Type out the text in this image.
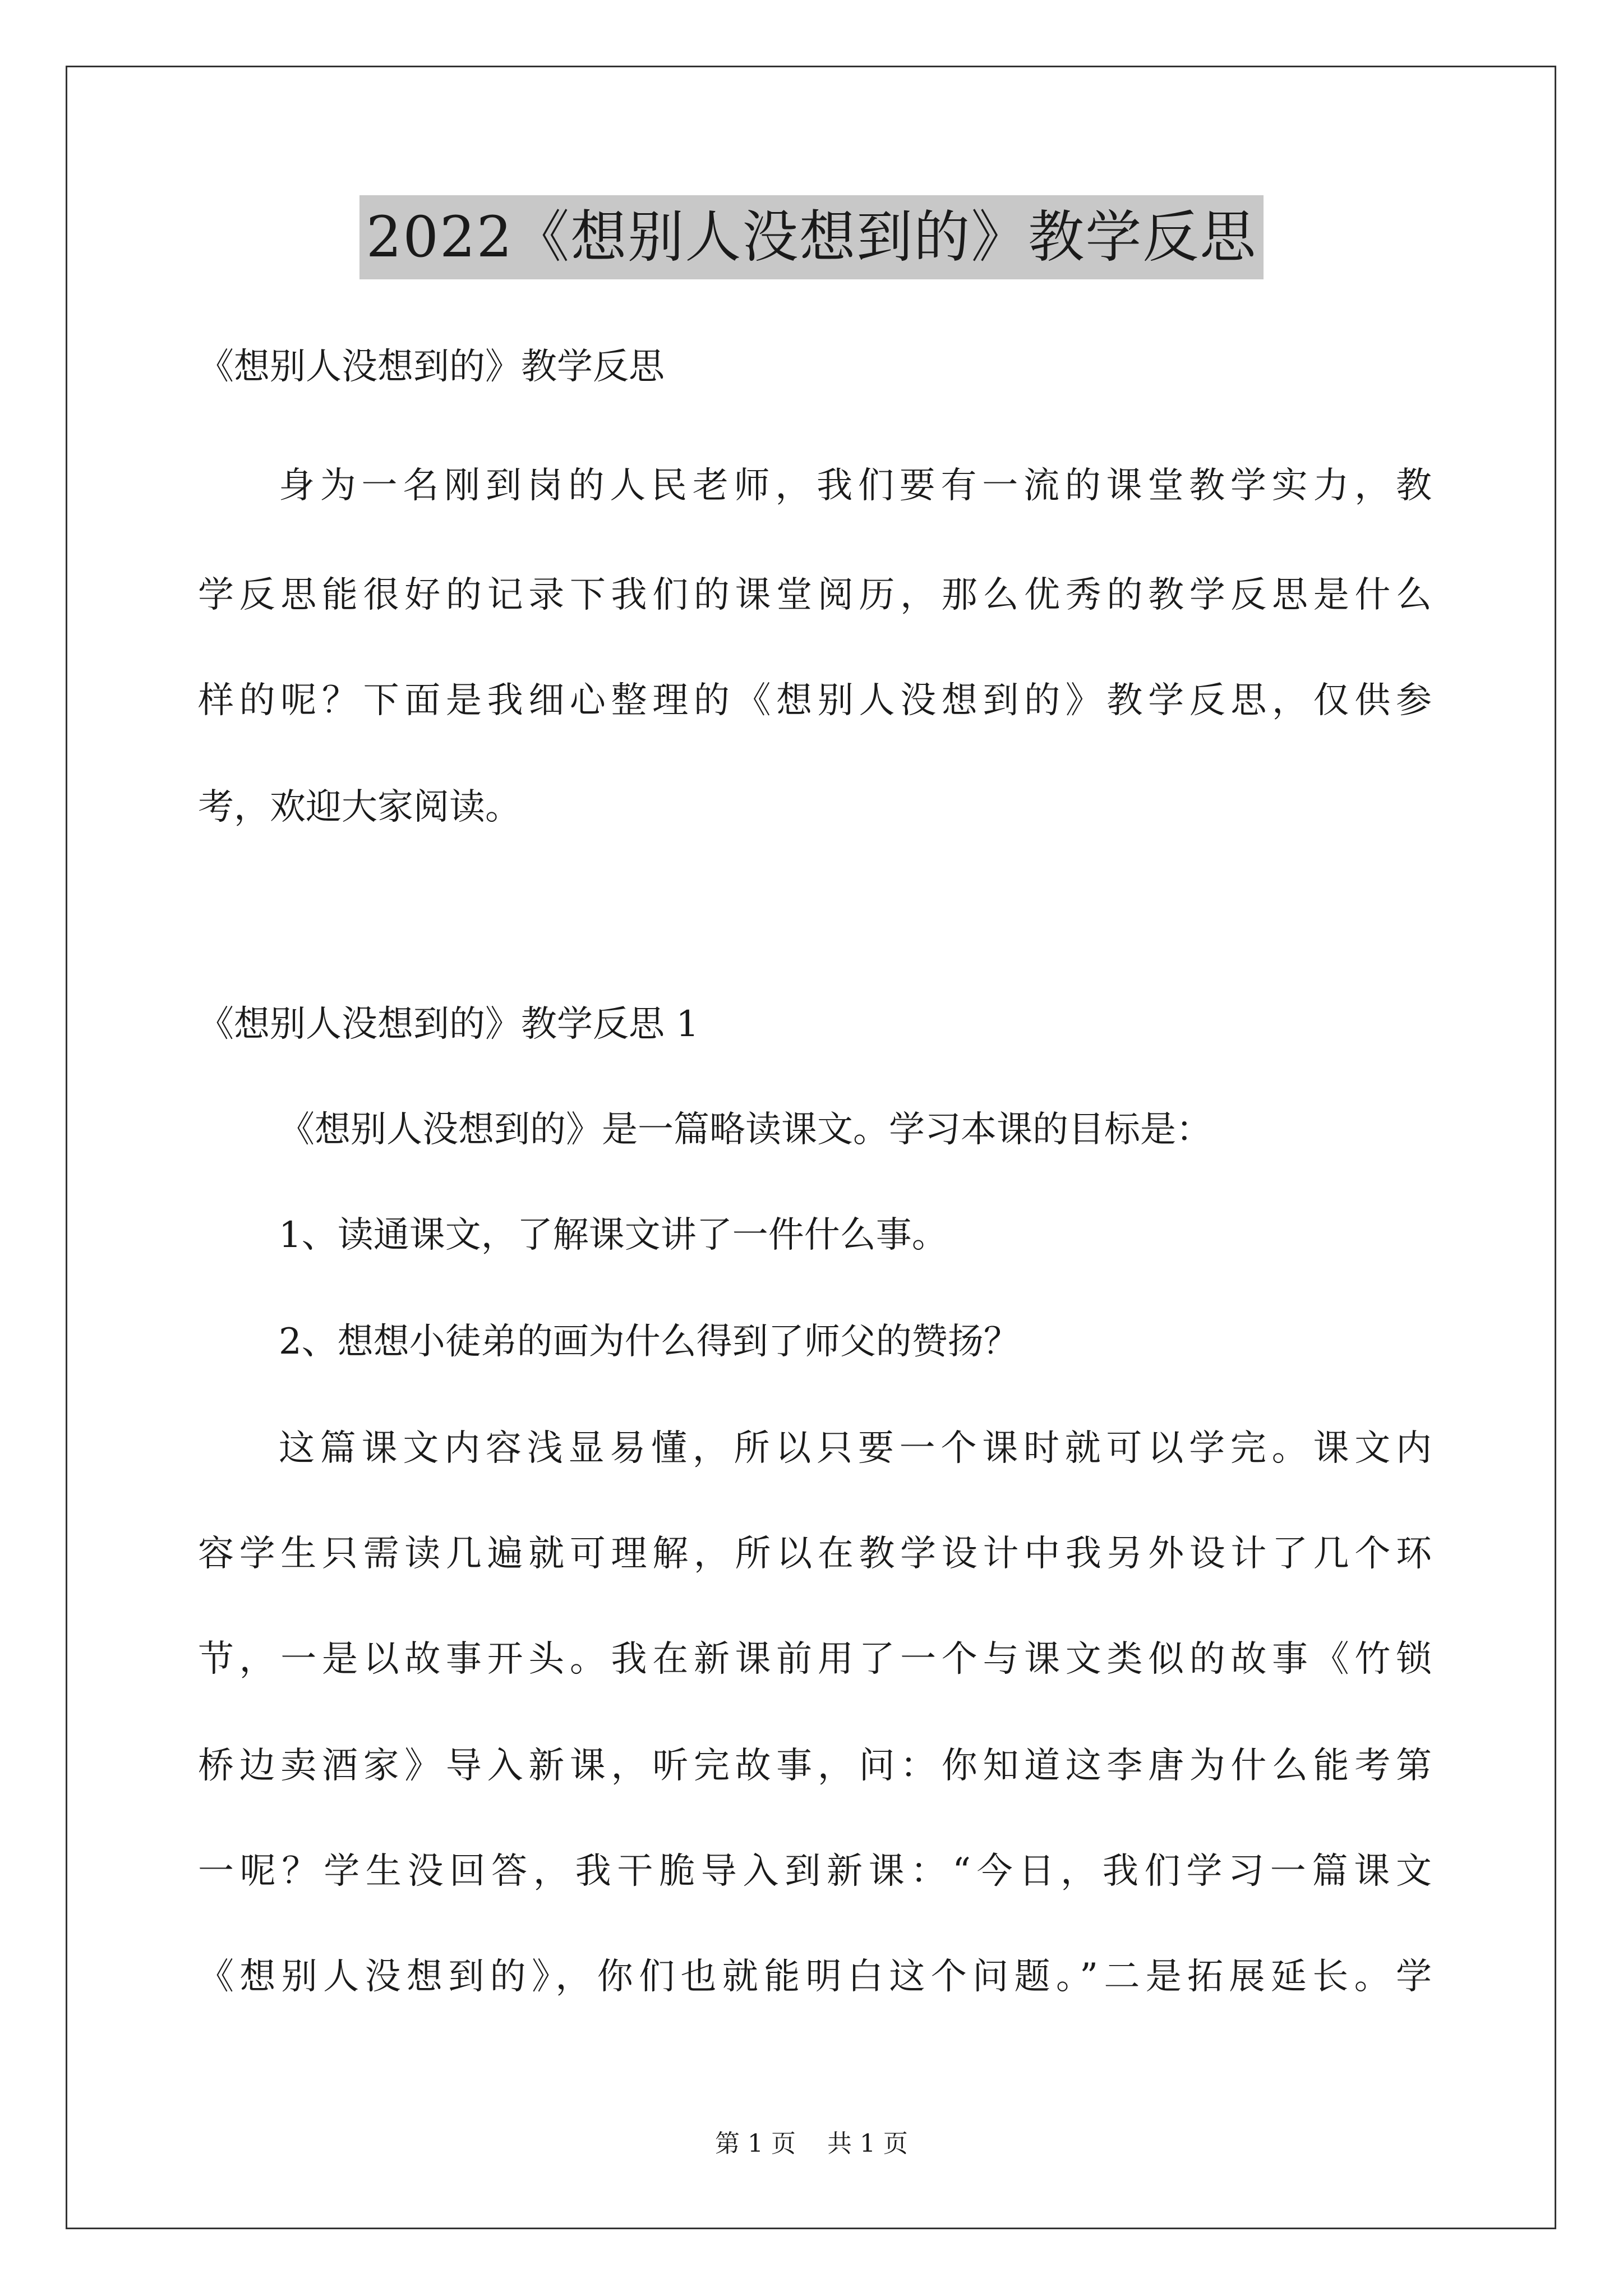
2022《想别人没想到的》教学反思
《想别人没想到的》教学反思
身为一名刚到岗的人民老师，我们要有一流的课堂教学实力，教
学反思能很好的记录下我们的课堂阅历，那么优秀的教学反思是什么
样的呢？下面是我细心整理的《想别人没想到的》教学反思，仅供参
考，欢迎大家阅读。
《想别人没想到的》教学反思 1
《想别人没想到的》是一篇略读课文。学习本课的目标是：
1、读通课文，了解课文讲了一件什么事。
2、想想小徒弟的画为什么得到了师父的赞扬？
这篇课文内容浅显易懂，所以只要一个课时就可以学完。课文内
容学生只需读几遍就可理解，所以在教学设计中我另外设计了几个环
节，一是以故事开头。我在新课前用了一个与课文类似的故事《竹锁
桥边卖酒家》导入新课，听完故事，问：你知道这李唐为什么能考第
一呢？学生没回答，我干脆导入到新课：“今日，我们学习一篇课文
《想别人没想到的》，你们也就能明白这个问题。”二是拓展延长。学
第 1 页    共 1 页
